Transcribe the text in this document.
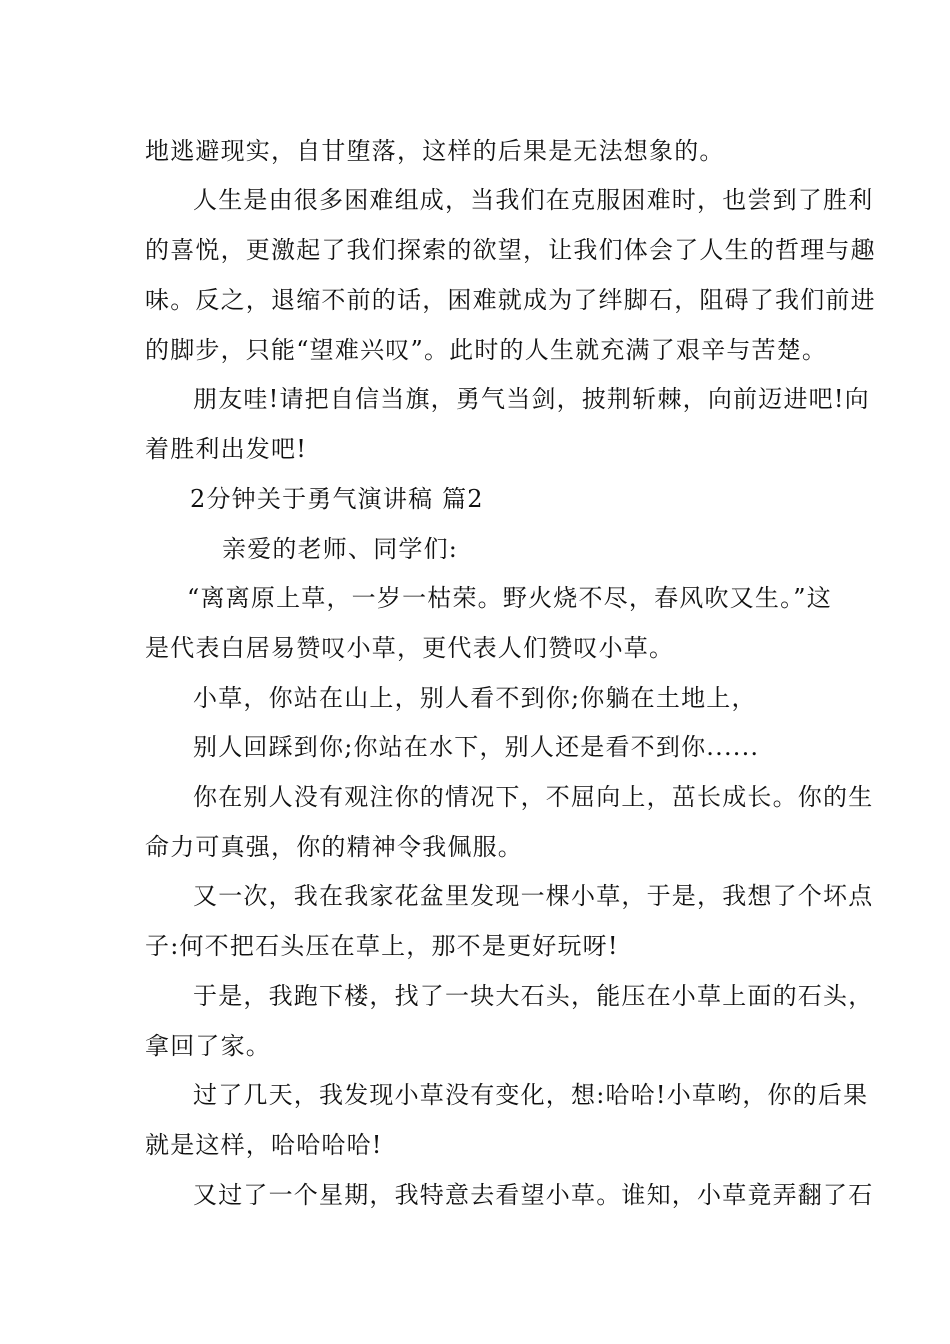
地逃避现实，自甘堕落，这样的后果是无法想象的。
人生是由很多困难组成，当我们在克服困难时，也尝到了胜利
的喜悦，更激起了我们探索的欲望，让我们体会了人生的哲理与趣
味。反之，退缩不前的话，困难就成为了绊脚石，阻碍了我们前进
的脚步，只能“望难兴叹”。此时的人生就充满了艰辛与苦楚。
朋友哇!请把自信当旗，勇气当剑，披荆斩棘，向前迈进吧!向
着胜利出发吧!
2分钟关于勇气演讲稿 篇2
亲爱的老师、同学们:
“离离原上草，一岁一枯荣。野火烧不尽，春风吹又生。”这
是代表白居易赞叹小草，更代表人们赞叹小草。
小草，你站在山上，别人看不到你;你躺在土地上，
别人回踩到你;你站在水下，别人还是看不到你......
你在别人没有观注你的情况下，不屈向上，茁长成长。你的生
命力可真强，你的精神令我佩服。
又一次，我在我家花盆里发现一棵小草，于是，我想了个坏点
子:何不把石头压在草上，那不是更好玩呀!
于是，我跑下楼，找了一块大石头，能压在小草上面的石头，
拿回了家。
过了几天，我发现小草没有变化，想:哈哈!小草哟，你的后果
就是这样，哈哈哈哈!
又过了一个星期，我特意去看望小草。谁知，小草竟弄翻了石
